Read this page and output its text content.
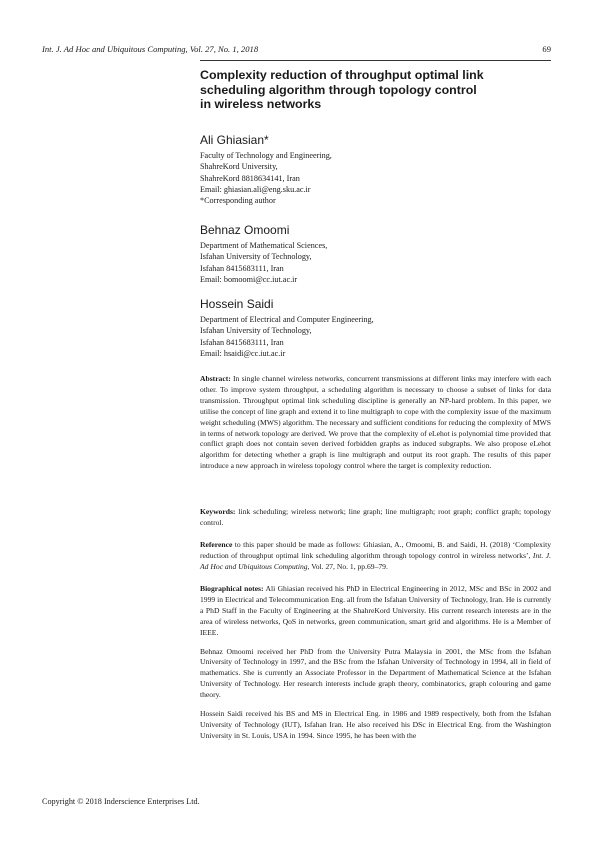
Int. J. Ad Hoc and Ubiquitous Computing, Vol. 27, No. 1, 2018	69
Complexity reduction of throughput optimal link
scheduling algorithm through topology control
in wireless networks

Ali Ghiasian*

Faculty of Technology and Engineering,
ShahreKord University,
ShahreKord 8818634141, Iran
Email: ghiasian.ali@eng.sku.ac.ir
*Corresponding author

Behnaz Omoomi

Department of Mathematical Sciences,
Isfahan University of Technology,
Isfahan 8415683111, Iran
Email: bomoomi@cc.iut.ac.ir

Hossein Saidi

Department of Electrical and Computer Engineering,
Isfahan University of Technology,
Isfahan 8415683111, Iran
Email: hsaidi@cc.iut.ac.ir

Abstract: In single channel wireless networks, concurrent transmissions at different links may interfere with each other. To improve system throughput, a scheduling algorithm is necessary to choose a subset of links for data transmission. Throughput optimal link scheduling discipline is generally an NP-hard problem. In this paper, we utilise the concept of line graph and extend it to line multigraph to cope with the complexity issue of the maximum weight scheduling (MWS) algorithm. The necessary and sufficient conditions for reducing the complexity of MWS in terms of network topology are derived. We prove that the complexity of eLehot is polynomial time provided that conflict graph does not contain seven derived forbidden graphs as induced subgraphs. We also propose eLehot algorithm for detecting whether a graph is line multigraph and output its root graph. The results of this paper introduce a new approach in wireless topology control where the target is complexity reduction.

Keywords: link scheduling; wireless network; line graph; line multigraph; root graph; conflict graph; topology control.

Reference to this paper should be made as follows: Ghiasian, A., Omoomi, B. and Saidi, H. (2018) ‘Complexity reduction of throughput optimal link scheduling algorithm through topology control in wireless networks’, Int. J. Ad Hoc and Ubiquitous Computing, Vol. 27, No. 1, pp.69–79.

Biographical notes: Ali Ghiasian received his PhD in Electrical Engineering in 2012, MSc and BSc in 2002 and 1999 in Electrical and Telecommunication Eng. all from the Isfahan University of Technology, Iran. He is currently a PhD Staff in the Faculty of Engineering at the ShahreKord University. His current research interests are in the area of wireless networks, QoS in networks, green communication, smart grid and algorithms. He is a Member of IEEE.

Behnaz Omoomi received her PhD from the University Putra Malaysia in 2001, the MSc from the Isfahan University of Technology in 1997, and the BSc from the Isfahan University of Technology in 1994, all in field of mathematics. She is currently an Associate Professor in the Department of Mathematical Science at the Isfahan University of Technology. Her research interests include graph theory, combinatorics, graph colouring and game theory.

Hossein Saidi received his BS and MS in Electrical Eng. in 1986 and 1989 respectively, both from the Isfahan University of Technology (IUT), Isfahan Iran. He also received his DSc in Electrical Eng. from the Washington University in St. Louis, USA in 1994. Since 1995, he has been with the

Copyright © 2018 Inderscience Enterprises Ltd.
